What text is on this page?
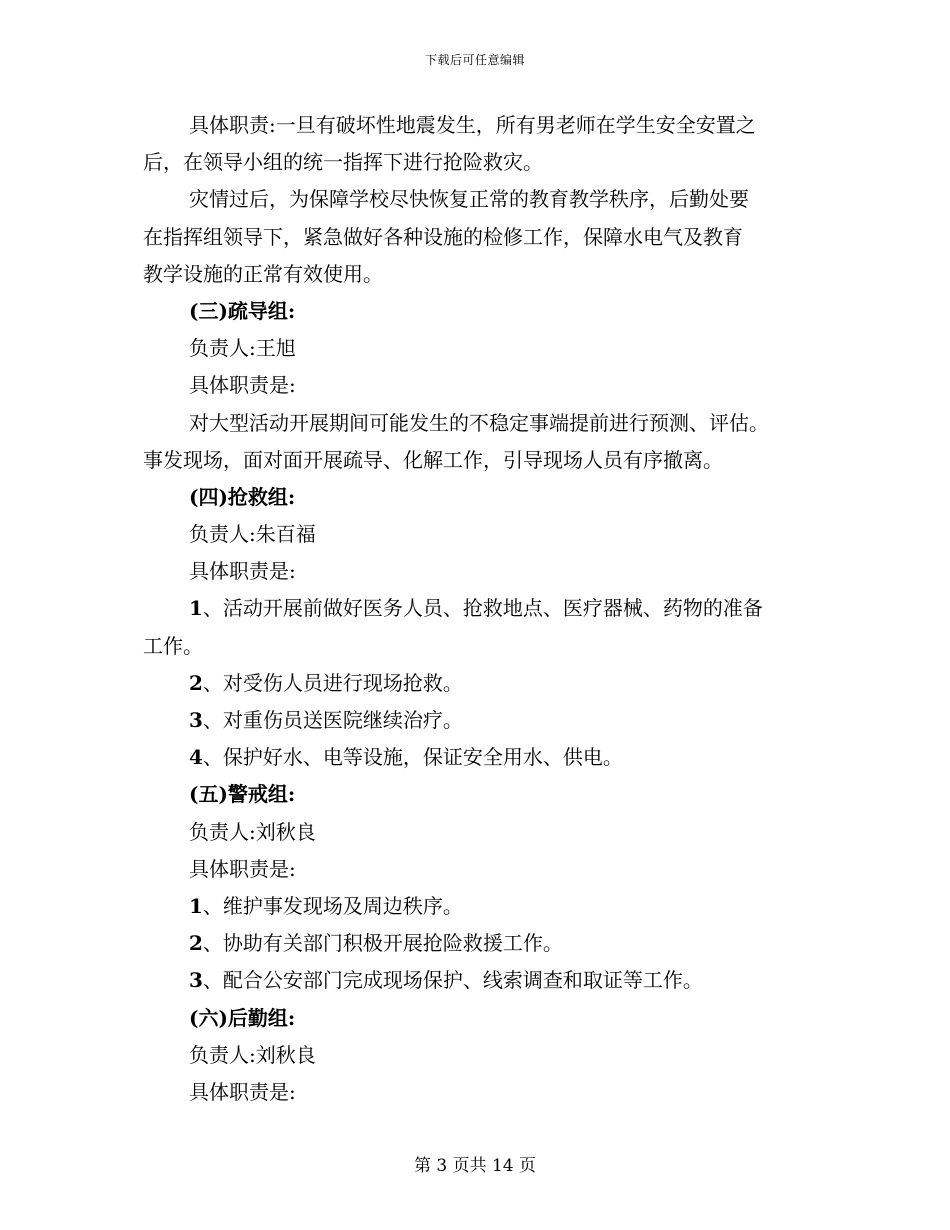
下载后可任意编辑
具体职责:一旦有破坏性地震发生，所有男老师在学生安全安置之
后，在领导小组的统一指挥下进行抢险救灾。
灾情过后，为保障学校尽快恢复正常的教育教学秩序，后勤处要
在指挥组领导下，紧急做好各种设施的检修工作，保障水电气及教育
教学设施的正常有效使用。
(三)疏导组:
负责人:王旭
具体职责是:
对大型活动开展期间可能发生的不稳定事端提前进行预测、评估。
事发现场，面对面开展疏导、化解工作，引导现场人员有序撤离。
(四)抢救组:
负责人:朱百福
具体职责是:
1、活动开展前做好医务人员、抢救地点、医疗器械、药物的准备
工作。
2、对受伤人员进行现场抢救。
3、对重伤员送医院继续治疗。
4、保护好水、电等设施，保证安全用水、供电。
(五)警戒组:
负责人:刘秋良
具体职责是:
1、维护事发现场及周边秩序。
2、协助有关部门积极开展抢险救援工作。
3、配合公安部门完成现场保护、线索调查和取证等工作。
(六)后勤组:
负责人:刘秋良
具体职责是:
第 3 页共 14 页
